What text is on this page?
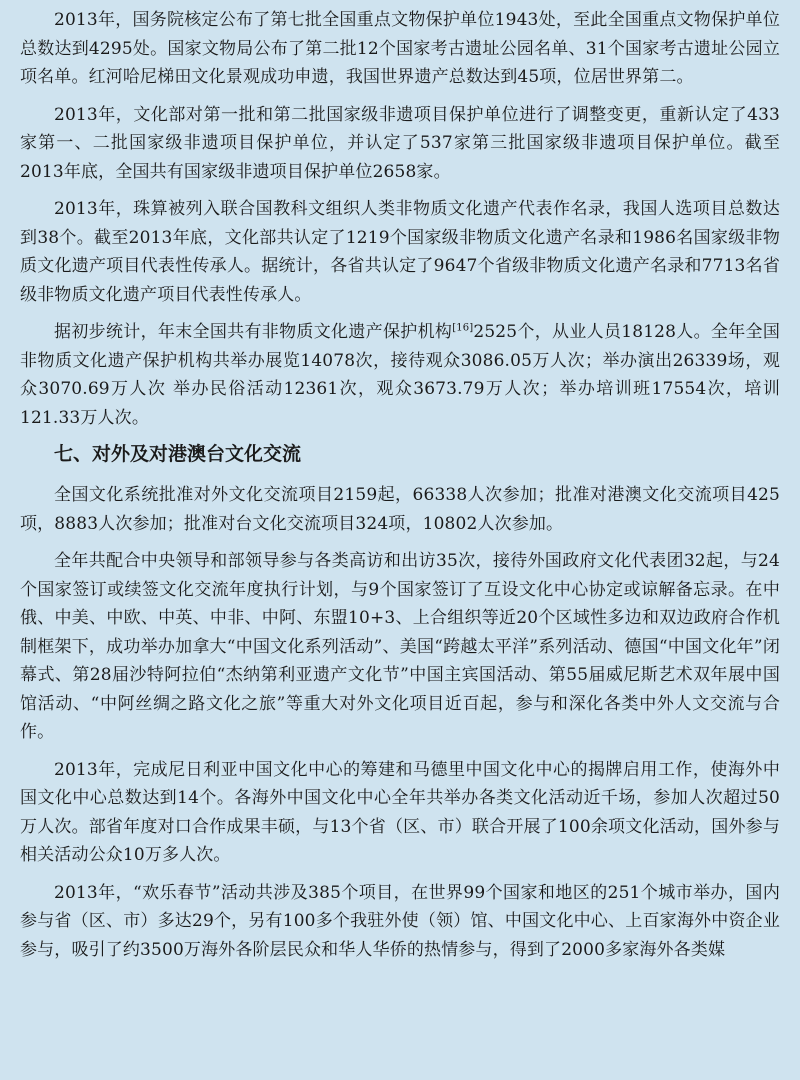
2013年，国务院核定公布了第七批全国重点文物保护单位1943处，至此全国重点文物保护单位总数达到4295处。国家文物局公布了第二批12个国家考古遗址公园名单、31个国家考古遗址公园立项名单。红河哈尼梯田文化景观成功申遗，我国世界遗产总数达到45项，位居世界第二。

2013年，文化部对第一批和第二批国家级非遗项目保护单位进行了调整变更，重新认定了433家第一、二批国家级非遗项目保护单位，并认定了537家第三批国家级非遗项目保护单位。截至2013年底，全国共有国家级非遗项目保护单位2658家。

2013年，珠算被列入联合国教科文组织人类非物质文化遗产代表作名录，我国人选项目总数达到38个。截至2013年底，文化部共认定了1219个国家级非物质文化遗产名录和1986名国家级非物质文化遗产项目代表性传承人。据统计，各省共认定了9647个省级非物质文化遗产名录和7713名省级非物质文化遗产项目代表性传承人。

据初步统计，年末全国共有非物质文化遗产保护机构[16]2525个，从业人员18128人。全年全国非物质文化遗产保护机构共举办展览14078次，接待观众3086.05万人次；举办演出26339场，观众3070.69万人次 举办民俗活动12361次，观众3673.79万人次；举办培训班17554次，培训121.33万人次。

七、对外及对港澳台文化交流

全国文化系统批准对外文化交流项目2159起，66338人次参加；批准对港澳文化交流项目425项，8883人次参加；批准对台文化交流项目324项，10802人次参加。

全年共配合中央领导和部领导参与各类高访和出访35次，接待外国政府文化代表团32起，与24个国家签订或续签文化交流年度执行计划，与9个国家签订了互设文化中心协定或谅解备忘录。在中俄、中美、中欧、中英、中非、中阿、东盟10+3、上合组织等近20个区域性多边和双边政府合作机制框架下，成功举办加拿大“中国文化系列活动”、美国“跨越太平洋”系列活动、德国“中国文化年”闭幕式、第28届沙特阿拉伯“杰纳第利亚遗产文化节”中国主宾国活动、第55届威尼斯艺术双年展中国馆活动、“中阿丝绸之路文化之旅”等重大对外文化项目近百起，参与和深化各类中外人文交流与合作。

2013年，完成尼日利亚中国文化中心的筹建和马德里中国文化中心的揭牌启用工作，使海外中国文化中心总数达到14个。各海外中国文化中心全年共举办各类文化活动近千场，参加人次超过50万人次。部省年度对口合作成果丰硕，与13个省（区、市）联合开展了100余项文化活动，国外参与相关活动公众10万多人次。

2013年，“欢乐春节”活动共涉及385个项目，在世界99个国家和地区的251个城市举办，国内参与省（区、市）多达29个，另有100多个我驻外使（领）馆、中国文化中心、上百家海外中资企业参与，吸引了约3500万海外各阶层民众和华人华侨的热情参与，得到了2000多家海外各类媒
